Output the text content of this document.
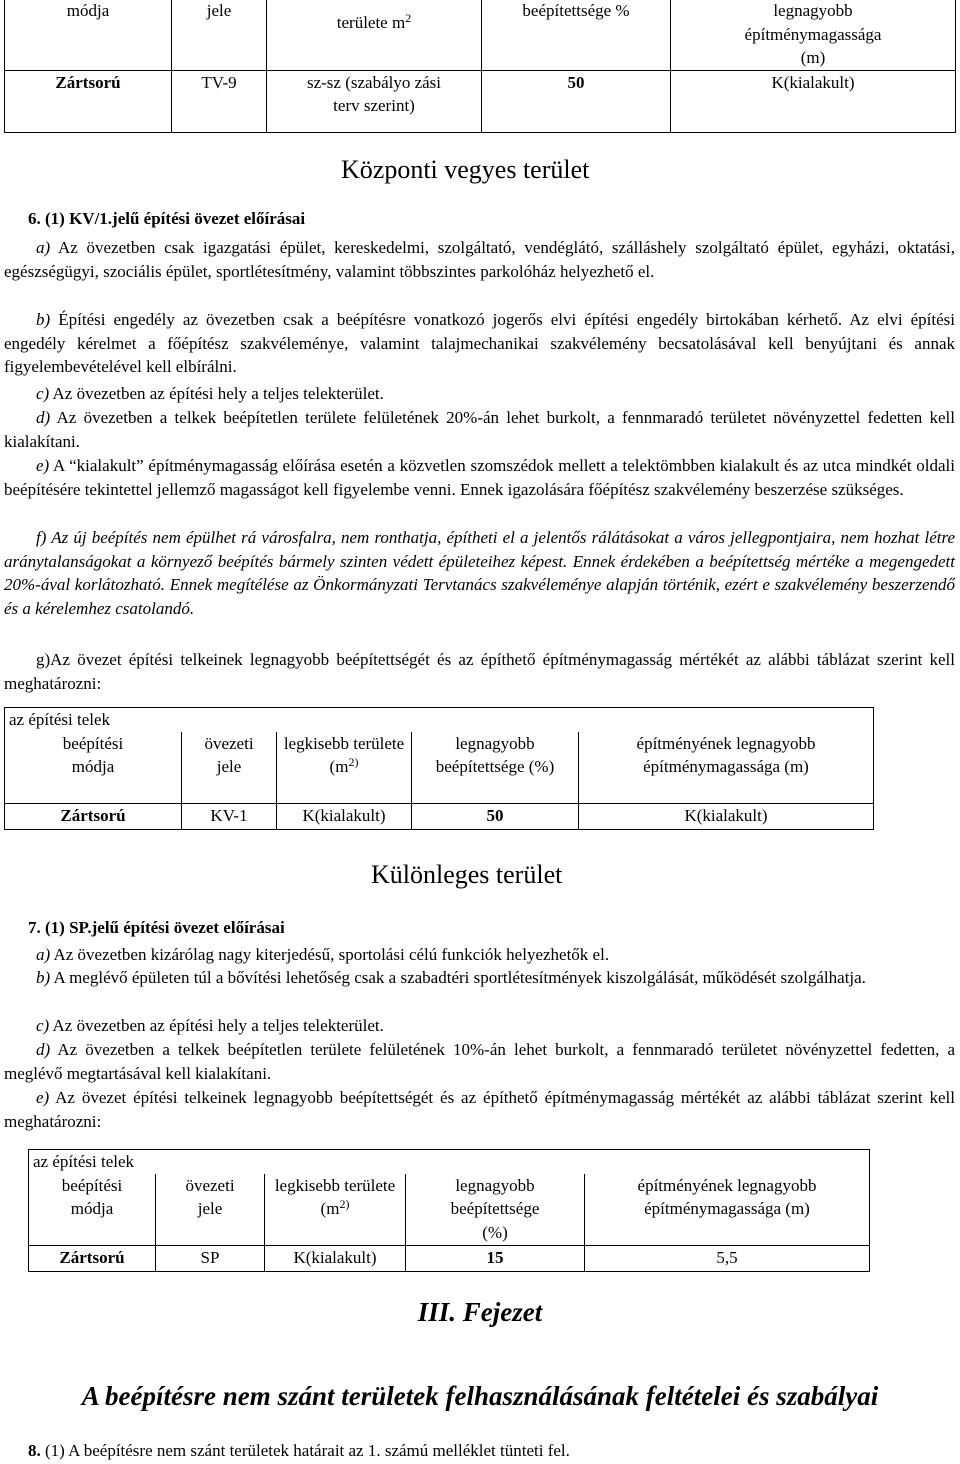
módja	jele	területe $m^2$	beépítettsége %	legnagyobb építménymagassága (m)

Zártsorú	TV-9	sz-sz (szabályo zási terv szerint)	50	K(kialakult)
Központi vegyes terület

6. (1) KV/1.jelű építési övezet előírásai

a) Az övezetben csak igazgatási épület, kereskedelmi, szolgáltató, vendéglátó, szálláshely szolgáltató épület, egyházi, oktatási, egészségügyi, szociális épület, sportlétesítmény, valamint többszintes parkolóház helyezhető el.

b) Építési engedély az övezetben csak a beépítésre vonatkozó jogerős elvi építési engedély birtokában kérhető. Az elvi építési engedély kérelmet a főépítész szakvéleménye, valamint talajmechanikai szakvélemény becsatolásával kell benyújtani és annak figyelembevételével kell elbírálni.

c) Az övezetben az építési hely a teljes telekterület.

d) Az övezetben a telkek beépítetlen területe felületének 20%-án lehet burkolt, a fennmaradó területet növényzettel fedetten kell kialakítani.

e) A “kialakult” építménymagasság előírása esetén a közvetlen szomszédok mellett a telektömbben kialakult és az utca mindkét oldali beépítésére tekintettel jellemző magasságot kell figyelembe venni. Ennek igazolására főépítész szakvélemény beszerzése szükséges.

f) Az új beépítés nem épülhet rá városfalra, nem ronthatja, építheti el a jelentős rálátásokat a város jellegpontjaira, nem hozhat létre aránytalanságokat a környező beépítés bármely szinten védett épületeihez képest. Ennek érdekében a beépítettség mértéke a megengedett 20%-ával korlátozható. Ennek megítélése az Önkormányzati Tervtanács szakvéleménye alapján történik, ezért e szakvélemény beszerzendő és a kérelemhez csatolandó.

g)Az övezet építési telkeinek legnagyobb beépítettségét és az építhető építménymagasság mértékét az alábbi táblázat szerint kell meghatározni:

az építési telek				

beépítési módja	övezeti jele	legkisebb területe ($m^{2)}$	legnagyobb beépítettsége (%)	építményének legnagyobb építménymagassága (m)

Zártsorú	KV-1	K(kialakult)	50	K(kialakult)
Különleges terület

7. (1) SP.jelű építési övezet előírásai

a) Az övezetben kizárólag nagy kiterjedésű, sportolási célú funkciók helyezhetők el.

b) A meglévő épületen túl a bővítési lehetőség csak a szabadtéri sportlétesítmények kiszolgálását, működését szolgálhatja.

c) Az övezetben az építési hely a teljes telekterület.

d) Az övezetben a telkek beépítetlen területe felületének 10%-án lehet burkolt, a fennmaradó területet növényzettel fedetten, a meglévő megtartásával kell kialakítani.

e) Az övezet építési telkeinek legnagyobb beépítettségét és az építhető építménymagasság mértékét az alábbi táblázat szerint kell meghatározni:

az építési telek				

beépítési módja	övezeti jele	legkisebb területe ($m^{2)}$	legnagyobb beépítettsége (%)	építményének legnagyobb építménymagassága (m)

Zártsorú	SP	K(kialakult)	15	5,5
III. Fejezet
A beépítésre nem szánt területek felhasználásának feltételei és szabályai

8. (1) A beépítésre nem szánt területek határait az 1. számú melléklet tünteti fel.
